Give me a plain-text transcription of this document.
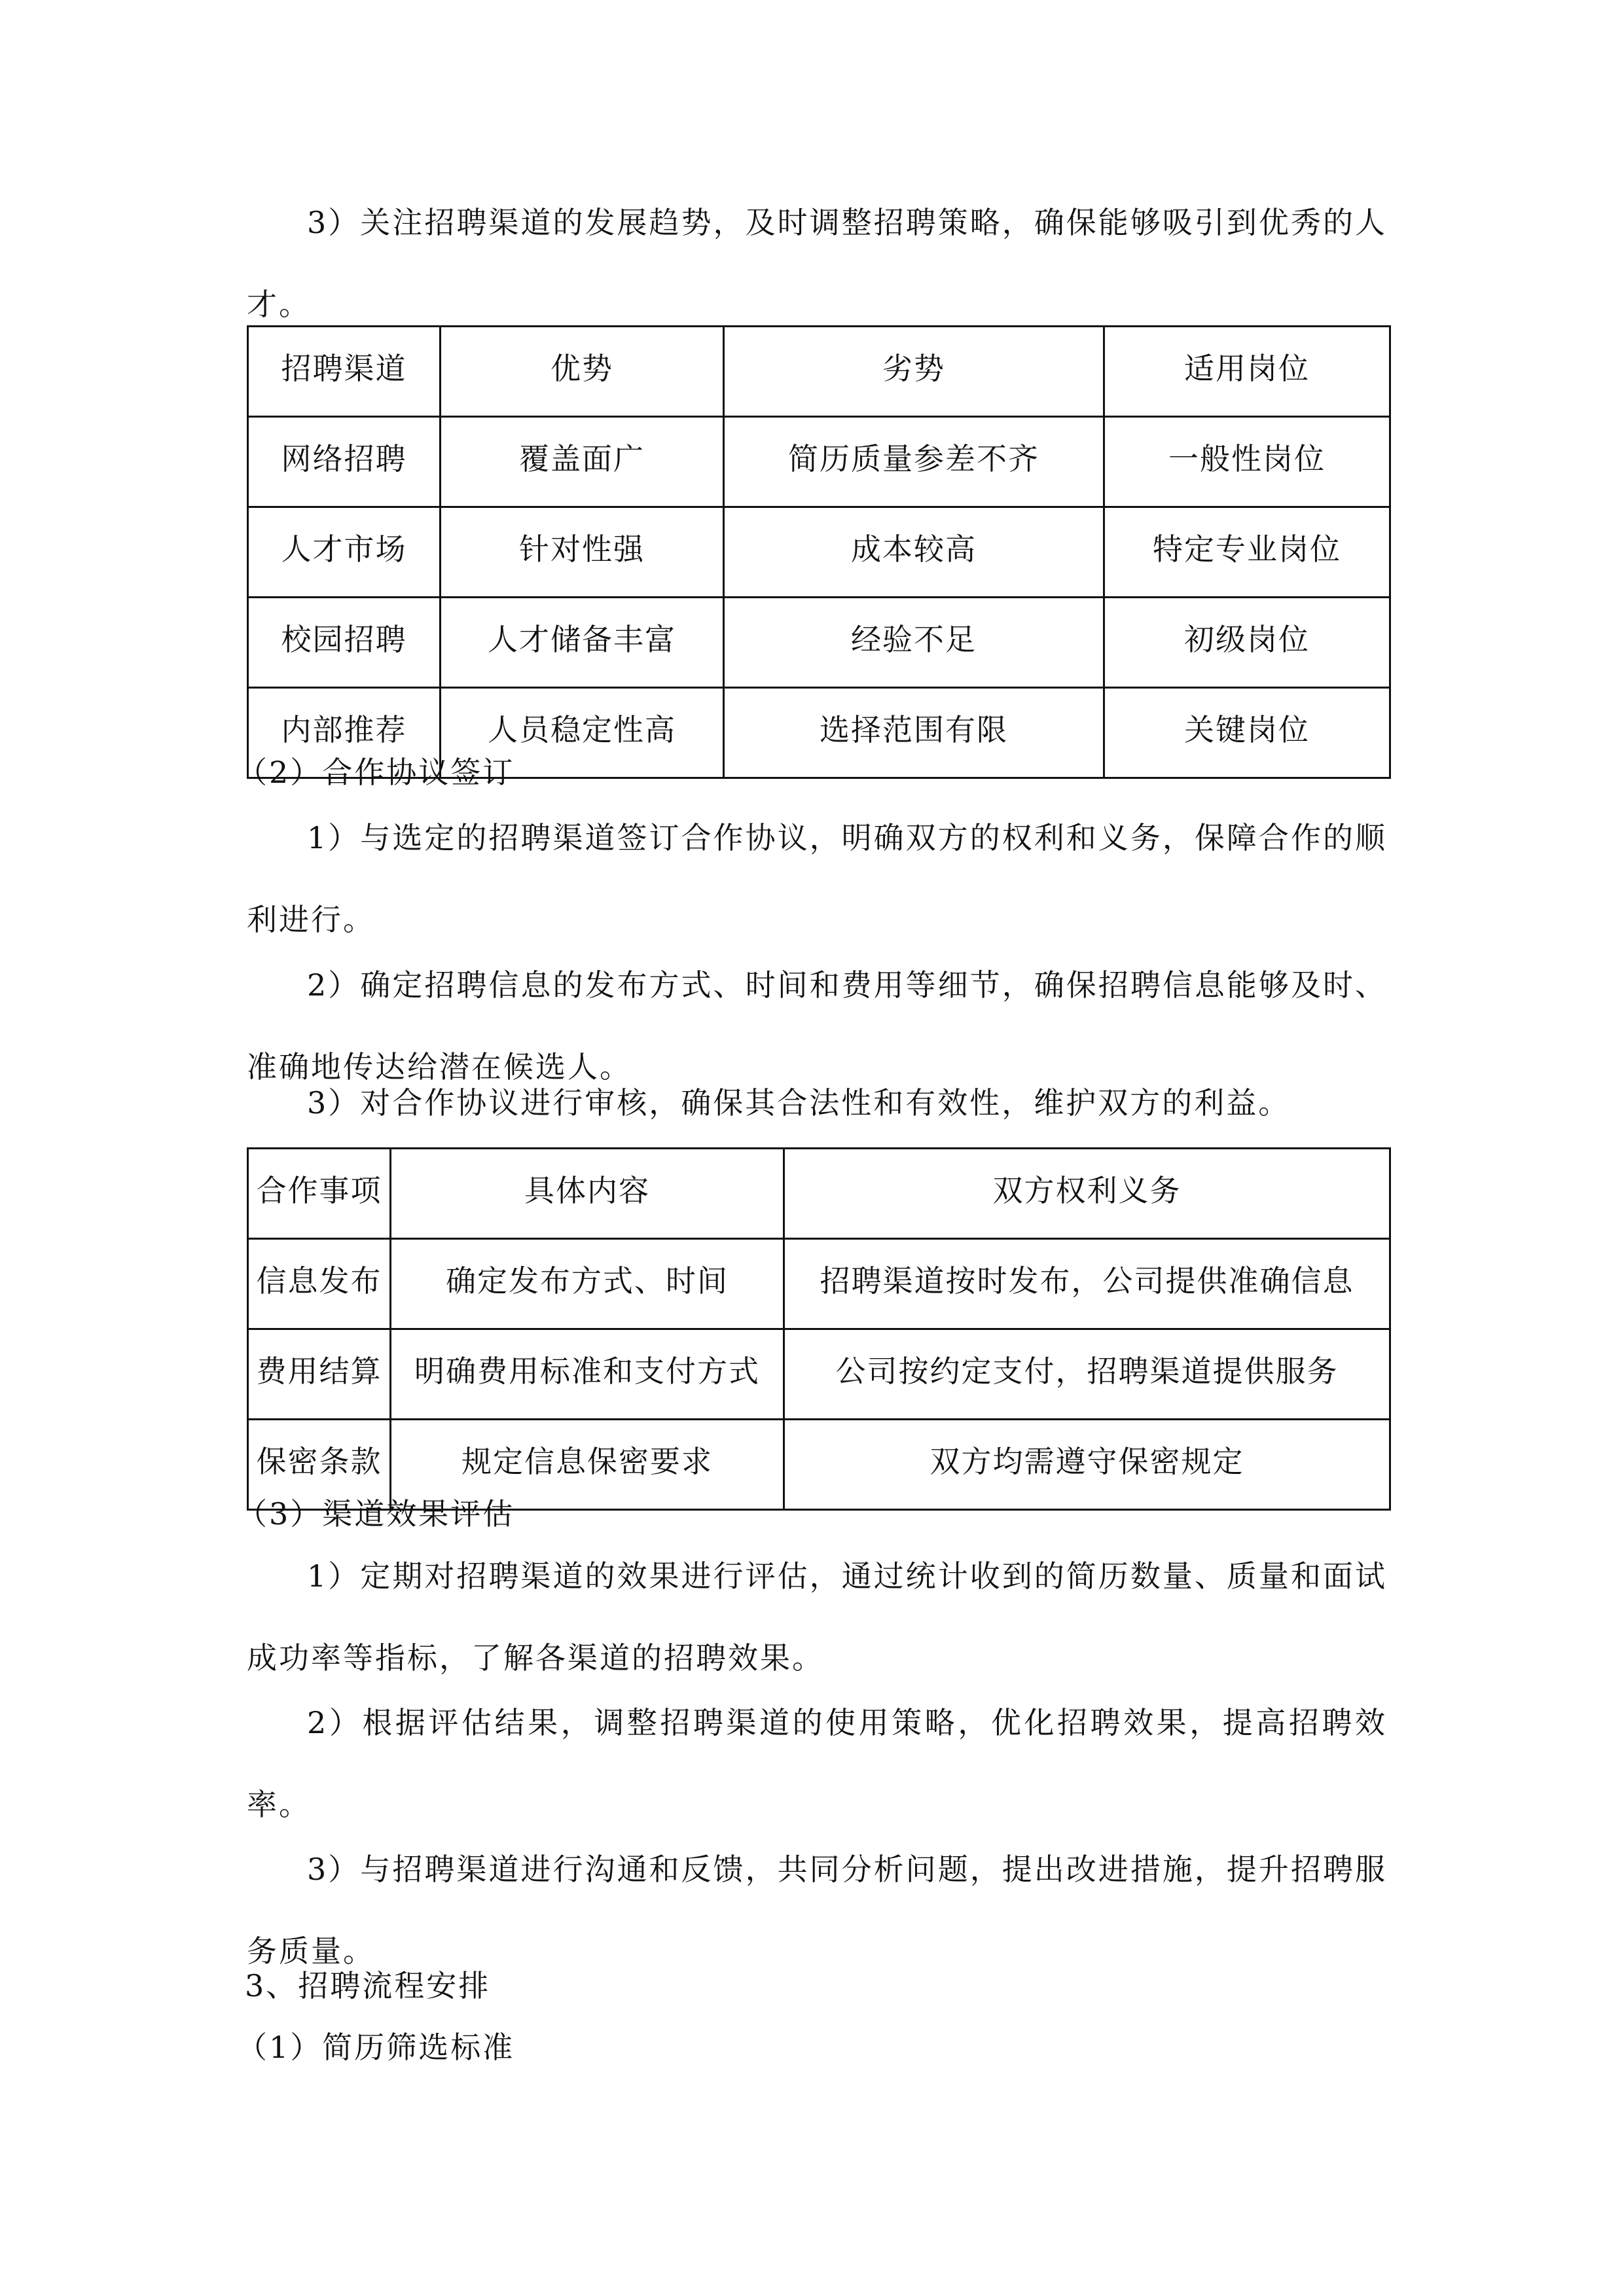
3）关注招聘渠道的发展趋势，及时调整招聘策略，确保能够吸引到优秀的人才。

招聘渠道	优势	劣势	适用岗位
网络招聘	覆盖面广	简历质量参差不齐	一般性岗位
人才市场	针对性强	成本较高	特定专业岗位
校园招聘	人才储备丰富	经验不足	初级岗位
内部推荐	人员稳定性高	选择范围有限	关键岗位

（2）合作协议签订

1）与选定的招聘渠道签订合作协议，明确双方的权利和义务，保障合作的顺利进行。

2）确定招聘信息的发布方式、时间和费用等细节，确保招聘信息能够及时、准确地传达给潜在候选人。

3）对合作协议进行审核，确保其合法性和有效性，维护双方的利益。

合作事项	具体内容	双方权利义务
信息发布	确定发布方式、时间	招聘渠道按时发布，公司提供准确信息
费用结算	明确费用标准和支付方式	公司按约定支付，招聘渠道提供服务
保密条款	规定信息保密要求	双方均需遵守保密规定

（3）渠道效果评估

1）定期对招聘渠道的效果进行评估，通过统计收到的简历数量、质量和面试成功率等指标，了解各渠道的招聘效果。

2）根据评估结果，调整招聘渠道的使用策略，优化招聘效果，提高招聘效率。

3）与招聘渠道进行沟通和反馈，共同分析问题，提出改进措施，提升招聘服务质量。

3、招聘流程安排

（1）简历筛选标准
